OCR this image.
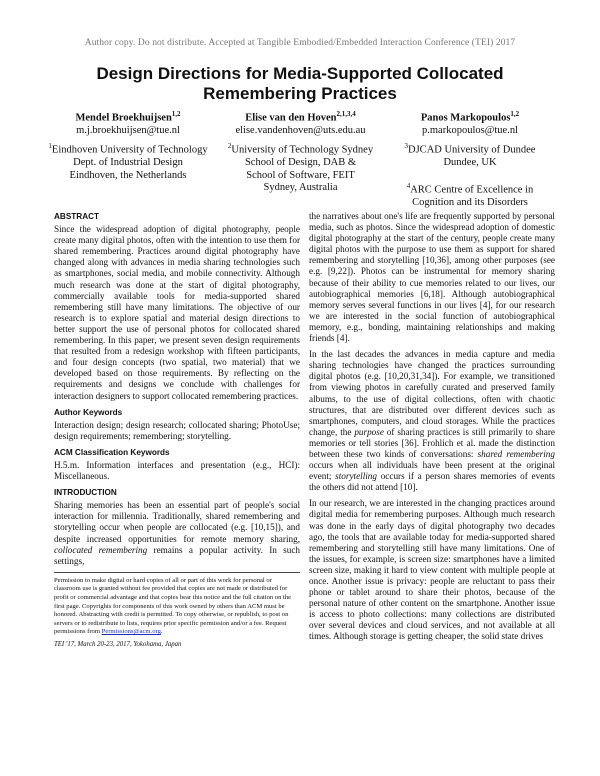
Author copy. Do not distribute. Accepted at Tangible Embodied/Embedded Interaction Conference (TEI) 2017
Design Directions for Media-Supported Collocated Remembering Practices
Mendel Broekhuijsen$^{1,2}$
m.j.broekhuijsen@tue.nl
Elise van den Hoven$^{2,1,3,4}$
elise.vandenhoven@uts.edu.au
Panos Markopoulos$^{1,2}$
p.markopoulos@tue.nl
$^1$Eindhoven University of Technology
Dept. of Industrial Design
Eindhoven, the Netherlands
$^2$University of Technology Sydney
School of Design, DAB &
School of Software, FEIT
Sydney, Australia
$^3$DJCAD University of Dundee
Dundee, UK
$^4$ARC Centre of Excellence in
Cognition and its Disorders
ABSTRACT

Since the widespread adoption of digital photography, people create many digital photos, often with the intention to use them for shared remembering. Practices around digital photography have changed along with advances in media sharing technologies such as smartphones, social media, and mobile connectivity. Although much research was done at the start of digital photography, commercially available tools for media-supported shared remembering still have many limitations. The objective of our research is to explore spatial and material design directions to better support the use of personal photos for collocated shared remembering. In this paper, we present seven design requirements that resulted from a redesign workshop with fifteen participants, and four design concepts (two spatial, two material) that we developed based on those requirements. By reflecting on the requirements and designs we conclude with challenges for interaction designers to support collocated remembering practices.

Author Keywords

Interaction design; design research; collocated sharing; PhotoUse; design requirements; remembering; storytelling.

ACM Classification Keywords

H.5.m. Information interfaces and presentation (e.g., HCI): Miscellaneous.

INTRODUCTION

Sharing memories has been an essential part of people's social interaction for millennia. Traditionally, shared remembering and storytelling occur when people are collocated (e.g. [10,15]), and despite increased opportunities for remote memory sharing, collocated remembering remains a popular activity. In such settings,

Permission to make digital or hard copies of all or part of this work for personal or classroom use is granted without fee provided that copies are not made or distributed for profit or commercial advantage and that copies bear this notice and the full citation on the first page. Copyrights for components of this work owned by others than ACM must be honored. Abstracting with credit is permitted. To copy otherwise, or republish, to post on servers or to redistribute to lists, requires prior specific permission and/or a fee. Request permissions from Permissions@acm.org.

TEI '17, March 20-23, 2017, Yokohama, Japan

the narratives about one's life are frequently supported by personal media, such as photos. Since the widespread adoption of domestic digital photography at the start of the century, people create many digital photos with the purpose to use them as support for shared remembering and storytelling [10,36], among other purposes (see e.g. [9,22]). Photos can be instrumental for memory sharing because of their ability to cue memories related to our lives, our autobiographical memories [6,18]. Although autobiographical memory serves several functions in our lives [4], for our research we are interested in the social function of autobiographical memory, e.g., bonding, maintaining relationships and making friends [4].

In the last decades the advances in media capture and media sharing technologies have changed the practices surrounding digital photos (e.g. [10,20,31,34]). For example, we transitioned from viewing photos in carefully curated and preserved family albums, to the use of digital collections, often with chaotic structures, that are distributed over different devices such as smartphones, computers, and cloud storages. While the practices change, the purpose of sharing practices is still primarily to share memories or tell stories [36]. Frohlich et al. made the distinction between these two kinds of conversations: shared remembering occurs when all individuals have been present at the original event; storytelling occurs if a person shares memories of events the others did not attend [10].

In our research, we are interested in the changing practices around digital media for remembering purposes. Although much research was done in the early days of digital photography two decades ago, the tools that are available today for media-supported shared remembering and storytelling still have many limitations. One of the issues, for example, is screen size: smartphones have a limited screen size, making it hard to view content with multiple people at once. Another issue is privacy: people are reluctant to pass their phone or tablet around to share their photos, because of the personal nature of other content on the smartphone. Another issue is access to photo collections: many collections are distributed over several devices and cloud services, and not available at all times. Although storage is getting cheaper, the solid state drives
